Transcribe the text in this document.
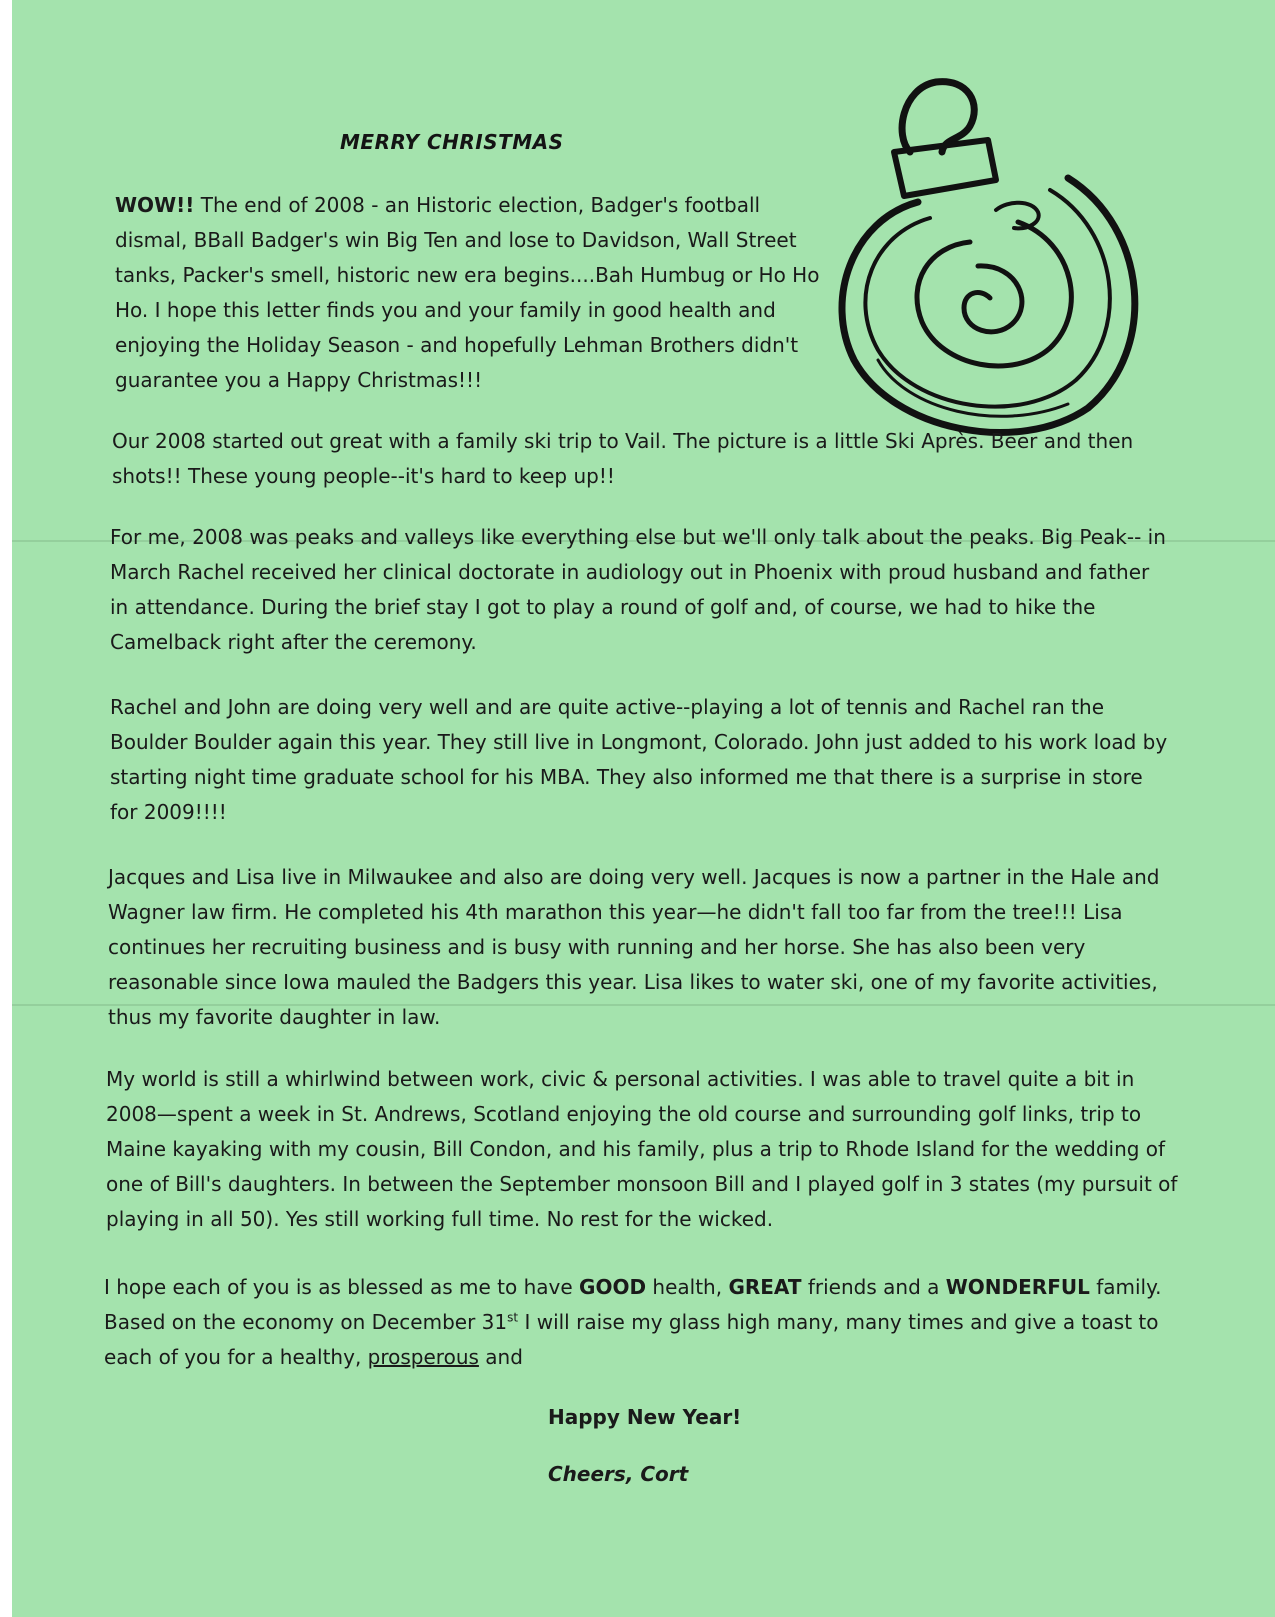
MERRY CHRISTMAS

WOW!! The end of 2008 - an Historic election, Badger's football dismal, BBall Badger's win Big Ten and lose to Davidson, Wall Street tanks, Packer's smell, historic new era begins....Bah Humbug or Ho Ho Ho. I hope this letter finds you and your family in good health and enjoying the Holiday Season - and hopefully Lehman Brothers didn't guarantee you a Happy Christmas!!!

Our 2008 started out great with a family ski trip to Vail. The picture is a little Ski Après. Beer and then shots!! These young people--it's hard to keep up!!

For me, 2008 was peaks and valleys like everything else but we'll only talk about the peaks. Big Peak-- in March Rachel received her clinical doctorate in audiology out in Phoenix with proud husband and father in attendance. During the brief stay I got to play a round of golf and, of course, we had to hike the Camelback right after the ceremony.

Rachel and John are doing very well and are quite active--playing a lot of tennis and Rachel ran the Boulder Boulder again this year. They still live in Longmont, Colorado. John just added to his work load by starting night time graduate school for his MBA. They also informed me that there is a surprise in store for 2009!!!!

Jacques and Lisa live in Milwaukee and also are doing very well. Jacques is now a partner in the Hale and Wagner law firm. He completed his 4th marathon this year—he didn't fall too far from the tree!!! Lisa continues her recruiting business and is busy with running and her horse. She has also been very reasonable since Iowa mauled the Badgers this year. Lisa likes to water ski, one of my favorite activities, thus my favorite daughter in law.

My world is still a whirlwind between work, civic & personal activities. I was able to travel quite a bit in 2008—spent a week in St. Andrews, Scotland enjoying the old course and surrounding golf links, trip to Maine kayaking with my cousin, Bill Condon, and his family, plus a trip to Rhode Island for the wedding of one of Bill's daughters. In between the September monsoon Bill and I played golf in 3 states (my pursuit of playing in all 50). Yes still working full time. No rest for the wicked.

I hope each of you is as blessed as me to have GOOD health, GREAT friends and a WONDERFUL family. Based on the economy on December 31st I will raise my glass high many, many times and give a toast to each of you for a healthy, prosperous and

Happy New Year!

Cheers, Cort
